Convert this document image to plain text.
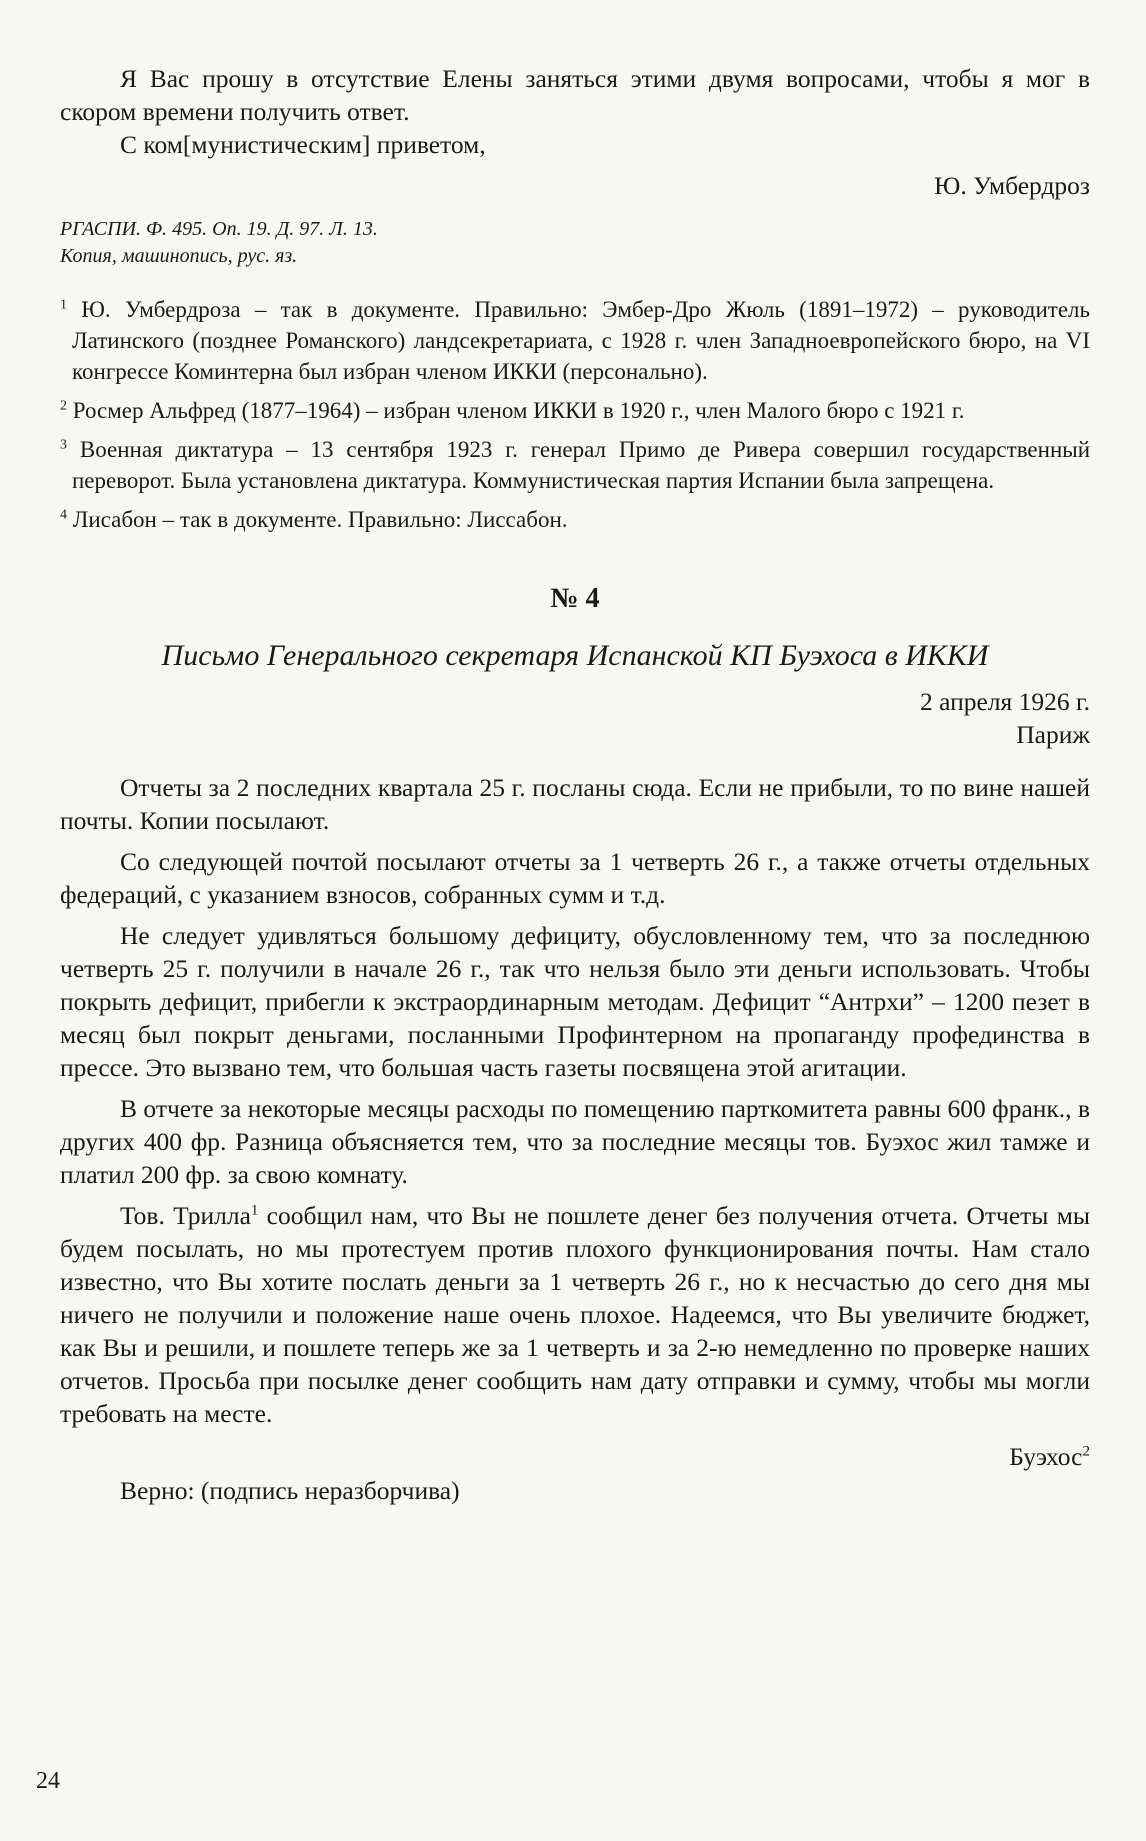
Я Вас прошу в отсутствие Елены заняться этими двумя вопросами, чтобы я мог в скором времени получить ответ.

С ком[мунистическим] приветом,

Ю. Умбердроз

РГАСПИ. Ф. 495. Оп. 19. Д. 97. Л. 13.
Копия, машинопись, рус. яз.

$^1$ Ю. Умбердроза – так в документе. Правильно: Эмбер-Дро Жюль (1891–1972) – руководитель Латинского (позднее Романского) ландсекретариата, с 1928 г. член Западноевропейского бюро, на VI конгрессе Коминтерна был избран членом ИККИ (персонально).

$^2$ Росмер Альфред (1877–1964) – избран членом ИККИ в 1920 г., член Малого бюро с 1921 г.

$^3$ Военная диктатура – 13 сентября 1923 г. генерал Примо де Ривера совершил государственный переворот. Была установлена диктатура. Коммунистическая партия Испании была запрещена.

$^4$ Лисабон – так в документе. Правильно: Лиссабон.

№ 4
Письмо Генерального секретаря Испанской КП Буэхоса в ИККИ
2 апреля 1926 г.
Париж

Отчеты за 2 последних квартала 25 г. посланы сюда. Если не прибыли, то по вине нашей почты. Копии посылают.

Со следующей почтой посылают отчеты за 1 четверть 26 г., а также отчеты отдельных федераций, с указанием взносов, собранных сумм и т.д.

Не следует удивляться большому дефициту, обусловленному тем, что за последнюю четверть 25 г. получили в начале 26 г., так что нельзя было эти деньги использовать. Чтобы покрыть дефицит, прибегли к экстраординарным методам. Дефицит “Антрхи” – 1200 пезет в месяц был покрыт деньгами, посланными Профинтерном на пропаганду профединства в прессе. Это вызвано тем, что большая часть газеты посвящена этой агитации.

В отчете за некоторые месяцы расходы по помещению парткомитета равны 600 франк., в других 400 фр. Разница объясняется тем, что за последние месяцы тов. Буэхос жил тамже и платил 200 фр. за свою комнату.

Тов. Трилла$^1$ сообщил нам, что Вы не пошлете денег без получения отчета. Отчеты мы будем посылать, но мы протестуем против плохого функционирования почты. Нам стало известно, что Вы хотите послать деньги за 1 четверть 26 г., но к несчастью до сего дня мы ничего не получили и положение наше очень плохое. Надеемся, что Вы увеличите бюджет, как Вы и решили, и пошлете теперь же за 1 четверть и за 2-ю немедленно по проверке наших отчетов. Просьба при посылке денег сообщить нам дату отправки и сумму, чтобы мы могли требовать на месте.

Буэхос$^2$
Верно: (подпись неразборчива)
24
